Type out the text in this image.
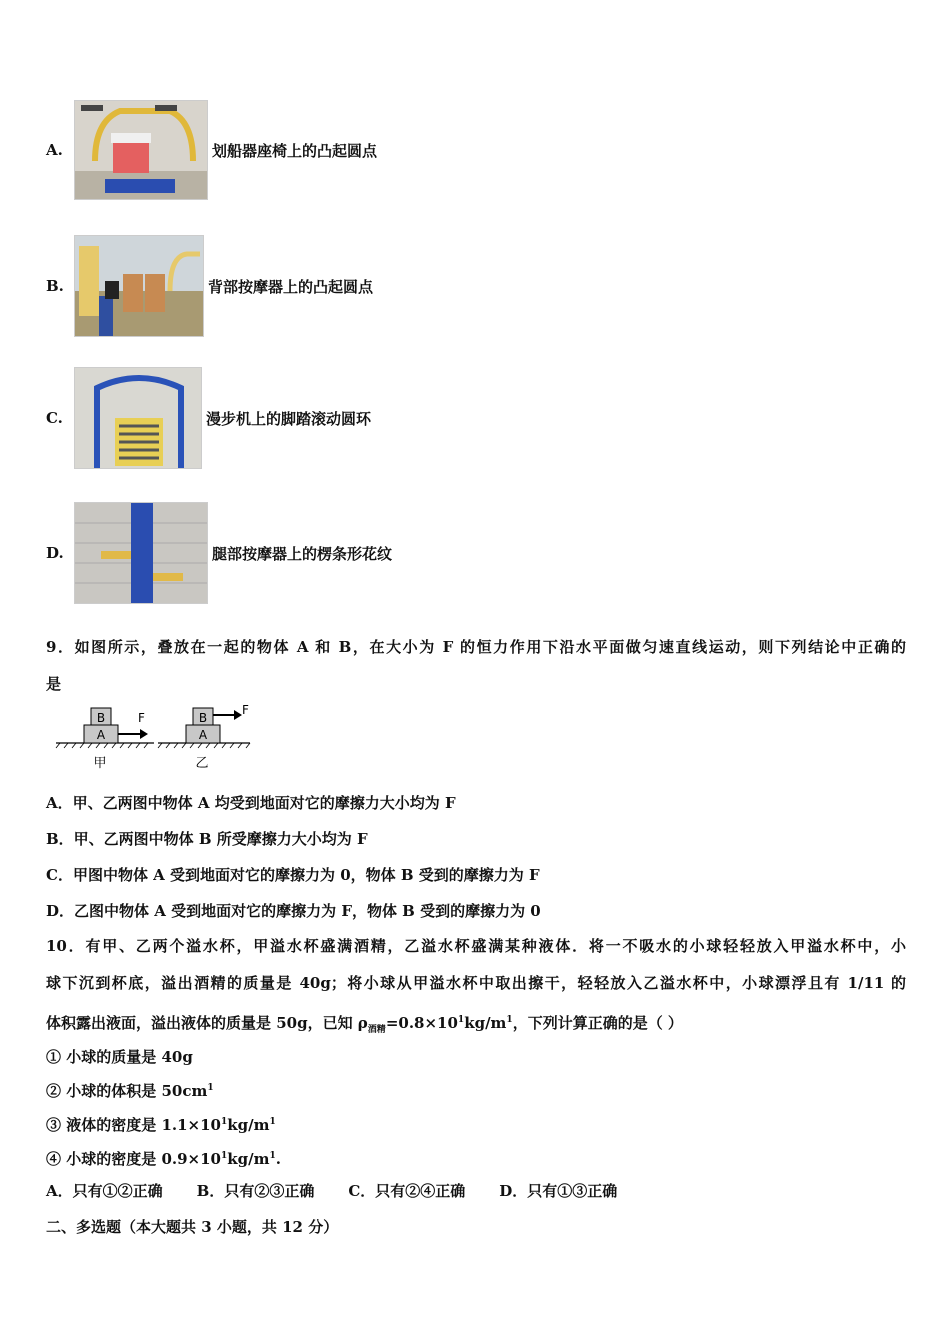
A.	划船器座椅上的凸起圆点
B.	背部按摩器上的凸起圆点
C.	漫步机上的脚踏滚动圆环
D.	腿部按摩器上的楞条形花纹
9．如图所示，叠放在一起的物体 A 和 B，在大小为 F 的恒力作用下沿水平面做匀速直线运动，则下列结论中正确的
是
B
A
F
甲
B
A
F
乙
A．甲、乙两图中物体 A 均受到地面对它的摩擦力大小均为 F
B．甲、乙两图中物体 B 所受摩擦力大小均为 F
C．甲图中物体 A 受到地面对它的摩擦力为 0，物体 B 受到的摩擦力为 F
D．乙图中物体 A 受到地面对它的摩擦力为 F，物体 B 受到的摩擦力为 0
10．有甲、乙两个溢水杯，甲溢水杯盛满酒精，乙溢水杯盛满某种液体．将一不吸水的小球轻轻放入甲溢水杯中，小
球下沉到杯底，溢出酒精的质量是 40g；将小球从甲溢水杯中取出擦干，轻轻放入乙溢水杯中，小球漂浮且有 1/11 的
体积露出液面，溢出液体的质量是 50g，已知 $\rho_{酒精}=0.8\times 10^1kg/m^1$，下列计算正确的是（ ）
① 小球的质量是 40g
② 小球的体积是 $50cm^1$
③ 液体的密度是 $1.1\times 10^1kg/m^1$
④ 小球的密度是 $0.9\times 10^1kg/m^1$.
A．只有①②正确 B．只有②③正确 C．只有②④正确 D．只有①③正确
二、多选题（本大题共 3 小题，共 12 分）
